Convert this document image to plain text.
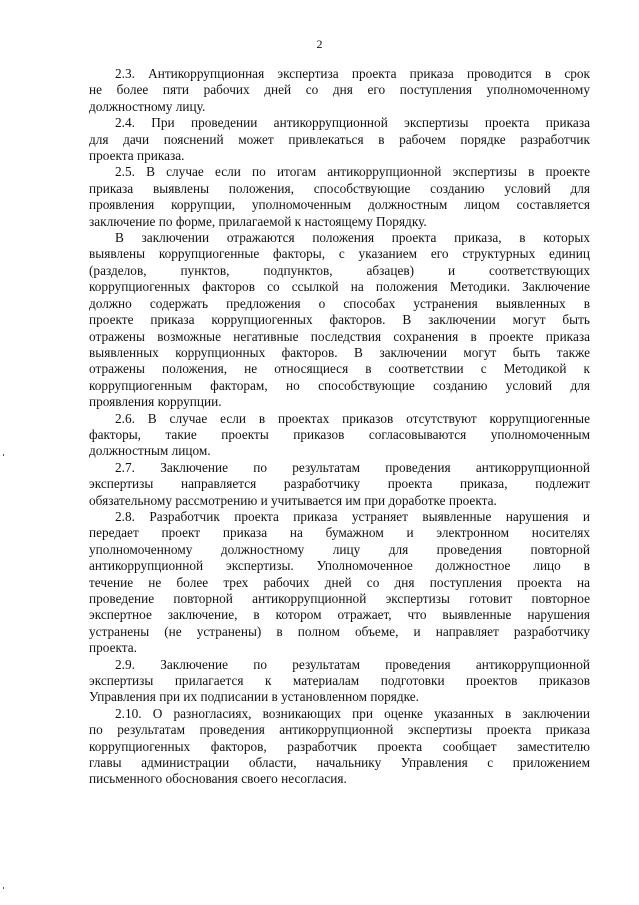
2

2.3. Антикоррупционная экспертиза проекта приказа проводится в срок
не более пяти рабочих дней со дня его поступления уполномоченному
должностному лицу.

2.4. При проведении антикоррупционной экспертизы проекта приказа
для дачи пояснений может привлекаться в рабочем порядке разработчик
проекта приказа.

2.5. В случае если по итогам антикоррупционной экспертизы в проекте
приказа выявлены положения, способствующие созданию условий для
проявления коррупции, уполномоченным должностным лицом составляется
заключение по форме, прилагаемой к настоящему Порядку.

В заключении отражаются положения проекта приказа, в которых
выявлены коррупциогенные факторы, с указанием его структурных единиц
(разделов, пунктов, подпунктов, абзацев) и соответствующих
коррупциогенных факторов со ссылкой на положения Методики. Заключение
должно содержать предложения о способах устранения выявленных в
проекте приказа коррупциогенных факторов. В заключении могут быть
отражены возможные негативные последствия сохранения в проекте приказа
выявленных коррупционных факторов. В заключении могут быть также
отражены положения, не относящиеся в соответствии с Методикой к
коррупциогенным факторам, но способствующие созданию условий для
проявления коррупции.

2.6. В случае если в проектах приказов отсутствуют коррупциогенные
факторы, такие проекты приказов согласовываются уполномоченным
должностным лицом.

2.7. Заключение по результатам проведения антикоррупционной
экспертизы направляется разработчику проекта приказа, подлежит
обязательному рассмотрению и учитывается им при доработке проекта.

2.8. Разработчик проекта приказа устраняет выявленные нарушения и
передает проект приказа на бумажном и электронном носителях
уполномоченному должностному лицу для проведения повторной
антикоррупционной экспертизы. Уполномоченное должностное лицо в
течение не более трех рабочих дней со дня поступления проекта на
проведение повторной антикоррупционной экспертизы готовит повторное
экспертное заключение, в котором отражает, что выявленные нарушения
устранены (не устранены) в полном объеме, и направляет разработчику
проекта.

2.9. Заключение по результатам проведения антикоррупционной
экспертизы прилагается к материалам подготовки проектов приказов
Управления при их подписании в установленном порядке.

2.10. О разногласиях, возникающих при оценке указанных в заключении
по результатам проведения антикоррупционной экспертизы проекта приказа
коррупциогенных факторов, разработчик проекта сообщает заместителю
главы администрации области, начальнику Управления с приложением
письменного обоснования своего несогласия.
